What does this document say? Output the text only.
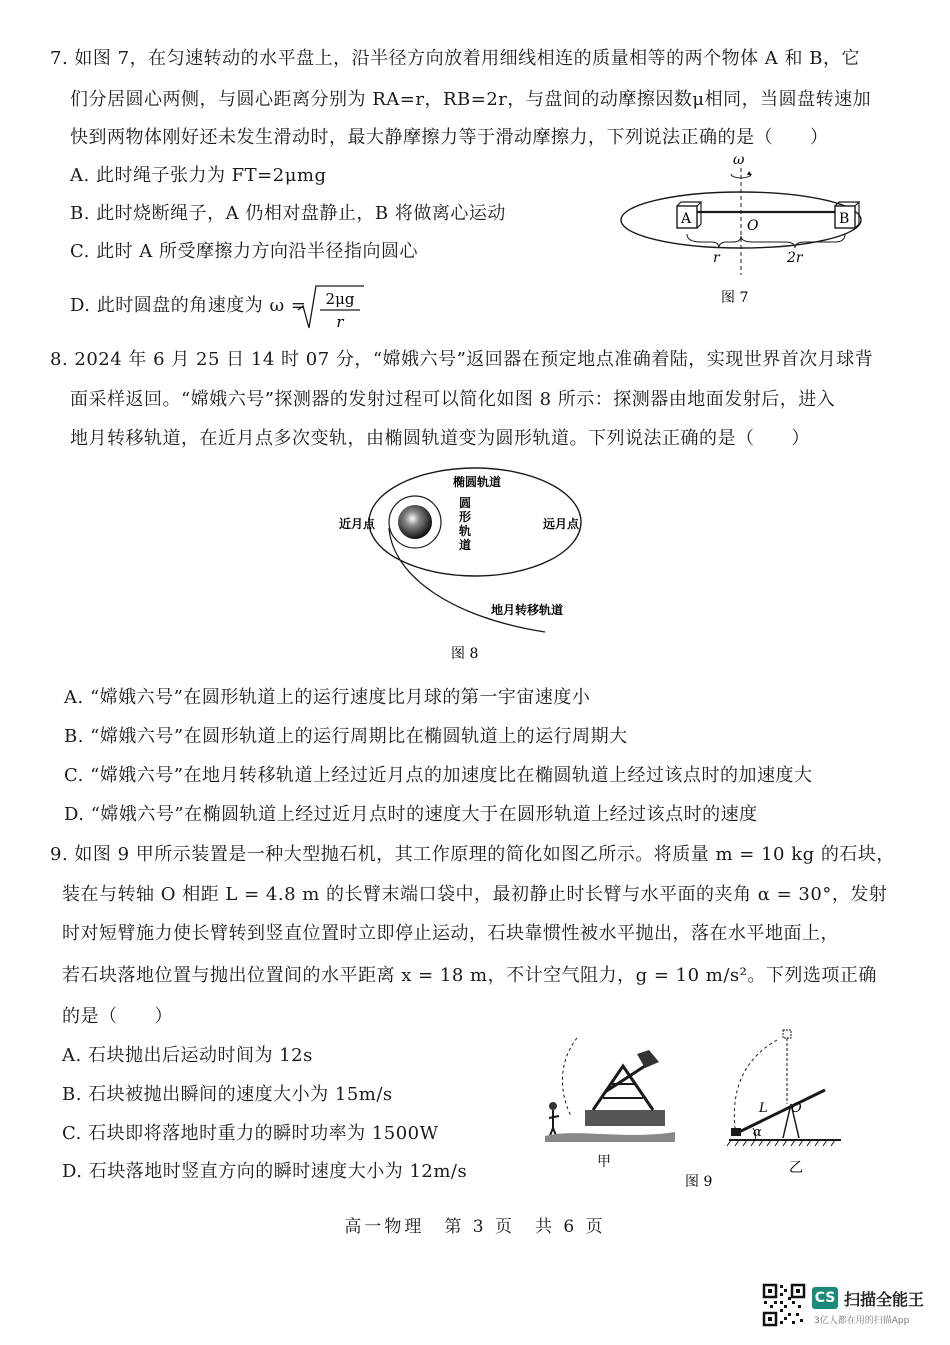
7. 如图 7，在匀速转动的水平盘上，沿半径方向放着用细线相连的质量相等的两个物体 A 和 B，它
们分居圆心两侧，与圆心距离分别为 RA=r，RB=2r，与盘间的动摩擦因数μ相同，当圆盘转速加
快到两物体刚好还未发生滑动时，最大静摩擦力等于滑动摩擦力，下列说法正确的是（　　）
A. 此时绳子张力为 FT=2μmg
B. 此时烧断绳子，A 仍相对盘静止，B 将做离心运动
C. 此时 A 所受摩擦力方向沿半径指向圆心
D. 此时圆盘的角速度为 ω = 2μg
r
ω
A	B
O
r	2r
图 7
8. 2024 年 6 月 25 日 14 时 07 分，“嫦娥六号”返回器在预定地点准确着陆，实现世界首次月球背
面采样返回。“嫦娥六号”探测器的发射过程可以简化如图 8 所示：探测器由地面发射后，进入
地月转移轨道，在近月点多次变轨，由椭圆轨道变为圆形轨道。下列说法正确的是（　　）
椭圆轨道
圆
形
轨
道
近月点	远月点
地月转移轨道
图 8
A. “嫦娥六号”在圆形轨道上的运行速度比月球的第一宇宙速度小
B. “嫦娥六号”在圆形轨道上的运行周期比在椭圆轨道上的运行周期大
C. “嫦娥六号”在地月转移轨道上经过近月点的加速度比在椭圆轨道上经过该点时的加速度大
D. “嫦娥六号”在椭圆轨道上经过近月点时的速度大于在圆形轨道上经过该点时的速度
9. 如图 9 甲所示装置是一种大型抛石机，其工作原理的简化如图乙所示。将质量 m = 10 kg 的石块，
装在与转轴 O 相距 L = 4.8 m 的长臂末端口袋中，最初静止时长臂与水平面的夹角 α = 30°，发射
时对短臂施力使长臂转到竖直位置时立即停止运动，石块靠惯性被水平抛出，落在水平地面上，
若石块落地位置与抛出位置间的水平距离 x = 18 m，不计空气阻力，g = 10 m/s²。下列选项正确
的是（　　）
A. 石块抛出后运动时间为 12s
B. 石块被抛出瞬间的速度大小为 15m/s
C. 石块即将落地时重力的瞬时功率为 1500W
D. 石块落地时竖直方向的瞬时速度大小为 12m/s	甲
图 9
L O
α
乙
高一物理　第 3 页　共 6 页
CS 扫描全能王
3亿人都在用的扫描App
